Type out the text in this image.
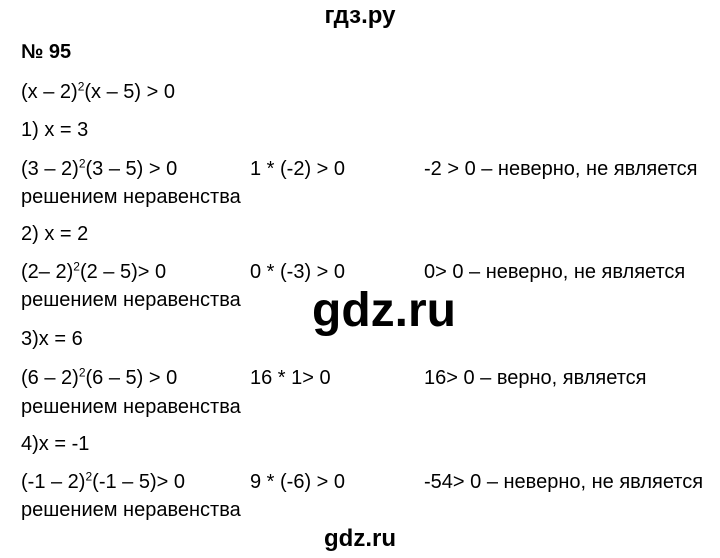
гдз.ру
№ 95
(x – 2)$^2$(x – 5) > 0
1) x = 3
(3 – 2)$^2$(3 – 5) > 0	1 * (-2) > 0	-2 > 0 – неверно, не является
решением неравенства
2) x = 2
(2– 2)$^2$(2 – 5)> 0	0 * (-3) > 0	0> 0 – неверно, не является
решением неравенства
3)x = 6
(6 – 2)$^2$(6 – 5) > 0	16 * 1> 0	16> 0 – верно, является
решением неравенства
4)x = -1
(-1 – 2)$^2$(-1 – 5)> 0	9 * (-6) > 0	-54> 0 – неверно, не является
решением неравенства
gdz.ru
gdz.ru
